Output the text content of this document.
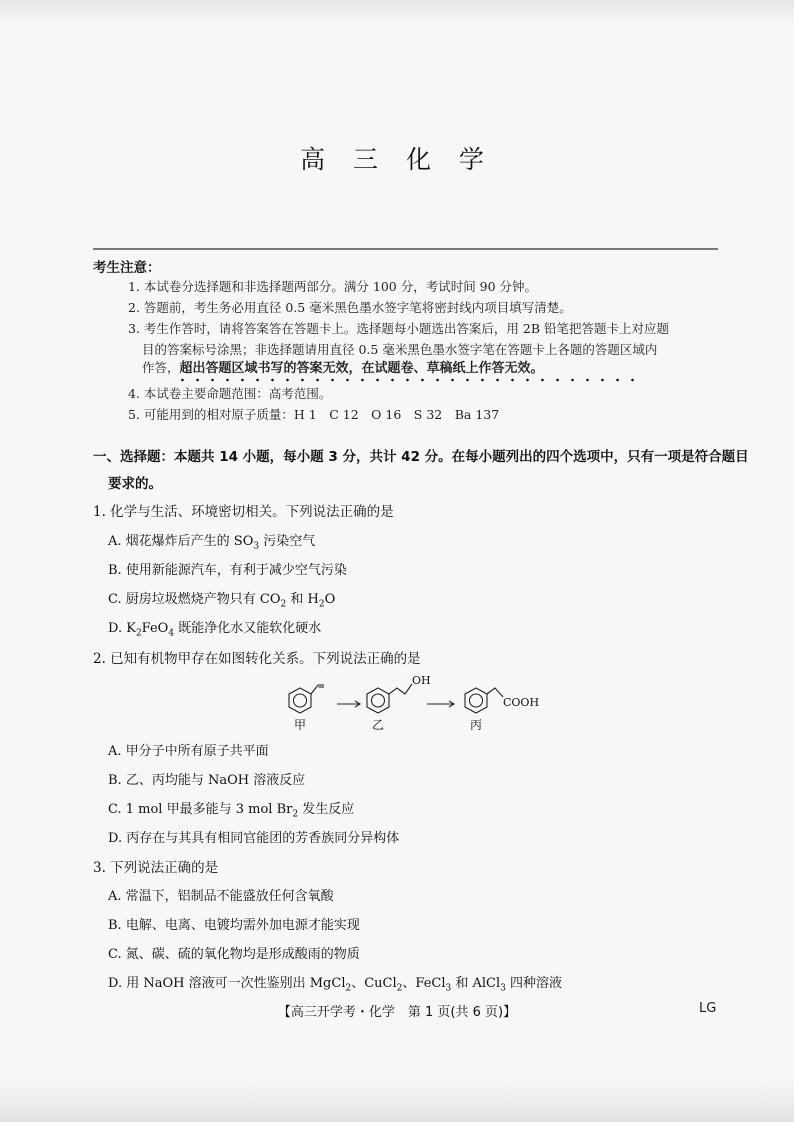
高 三 化 学
考生注意：
1. 本试卷分选择题和非选择题两部分。满分 100 分，考试时间 90 分钟。
2. 答题前，考生务必用直径 0.5 毫米黑色墨水签字笔将密封线内项目填写清楚。
3. 考生作答时，请将答案答在答题卡上。选择题每小题选出答案后，用 2B 铅笔把答题卡上对应题
目的答案标号涂黑；非选择题请用直径 0.5 毫米黑色墨水签字笔在答题卡上各题的答题区域内
作答，超出答题区域书写的答案无效，在试题卷、草稿纸上作答无效。
4. 本试卷主要命题范围：高考范围。
5. 可能用到的相对原子质量：H 1　C 12　O 16　S 32　Ba 137
一、选择题：本题共 14 小题，每小题 3 分，共计 42 分。在每小题列出的四个选项中，只有一项是符合题目
要求的。
1. 化学与生活、环境密切相关。下列说法正确的是
A. 烟花爆炸后产生的 $SO_3$ 污染空气
B. 使用新能源汽车，有利于减少空气污染
C. 厨房垃圾燃烧产物只有 $CO_2$ 和 $H_2O$
D. $K_2FeO_4$ 既能净化水又能软化硬水
2. 已知有机物甲存在如图转化关系。下列说法正确的是
甲	乙
OH
丙
COOH
A. 甲分子中所有原子共平面
B. 乙、丙均能与 NaOH 溶液反应
C. 1 mol 甲最多能与 3 mol $Br_2$ 发生反应
D. 丙存在与其具有相同官能团的芳香族同分异构体
3. 下列说法正确的是
A. 常温下，铝制品不能盛放任何含氧酸
B. 电解、电离、电镀均需外加电源才能实现
C. 氮、碳、硫的氧化物均是形成酸雨的物质
D. 用 NaOH 溶液可一次性鉴别出 MgCl$_2$、CuCl$_2$、FeCl$_3$ 和 AlCl$_3$ 四种溶液
【高三开学考・化学　第 1 页(共 6 页)】	LG
